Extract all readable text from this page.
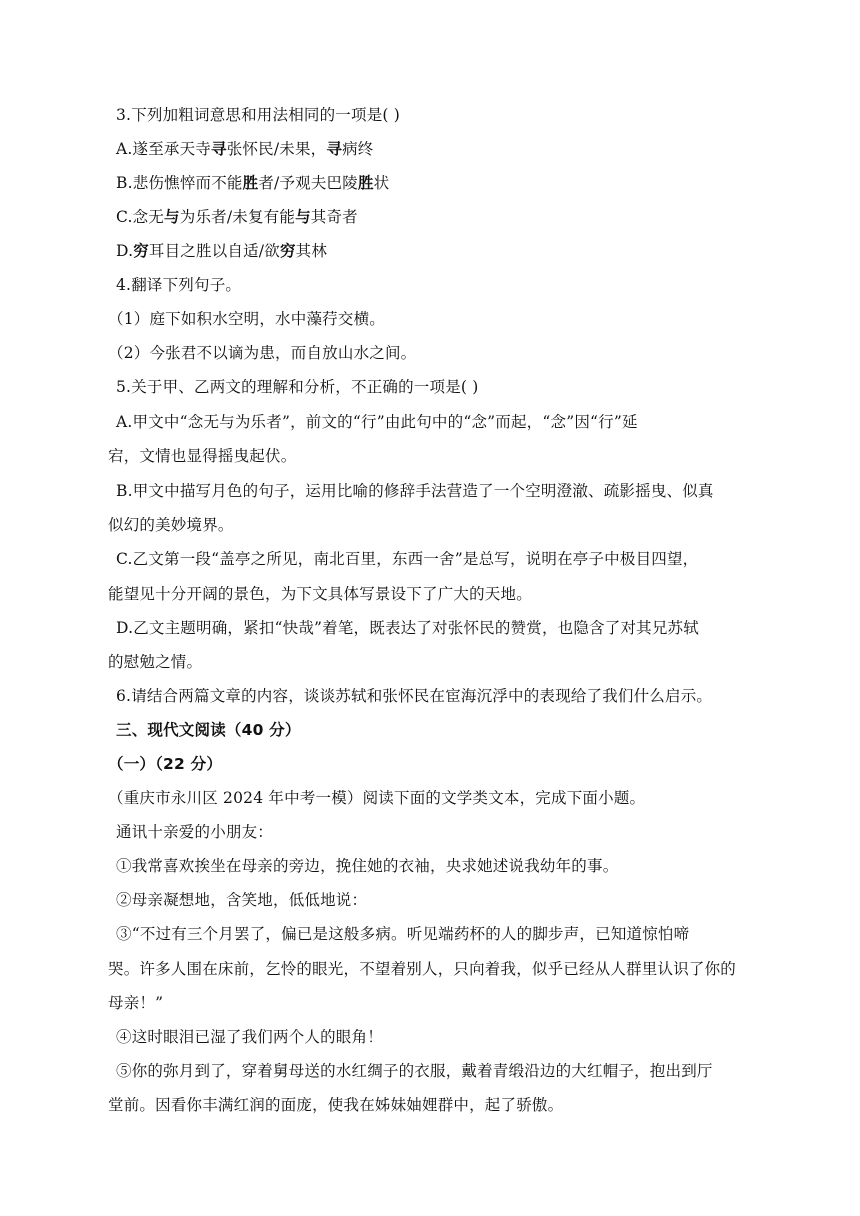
3.下列加粗词意思和用法相同的一项是( )
A.遂至承天寺寻张怀民/未果，寻病终
B.悲伤憔悴而不能胜者/予观夫巴陵胜状
C.念无与为乐者/未复有能与其奇者
D.穷耳目之胜以自适/欲穷其林
4.翻译下列句子。
（1）庭下如积水空明，水中藻荇交横。
（2）今张君不以谪为患，而自放山水之间。
5.关于甲、乙两文的理解和分析，不正确的一项是( )
A.甲文中“念无与为乐者”，前文的“行”由此句中的“念”而起，“念”因“行”延
宕，文情也显得摇曳起伏。
B.甲文中描写月色的句子，运用比喻的修辞手法营造了一个空明澄澈、疏影摇曳、似真
似幻的美妙境界。
C.乙文第一段“盖亭之所见，南北百里，东西一舍”是总写，说明在亭子中极目四望，
能望见十分开阔的景色，为下文具体写景设下了广大的天地。
D.乙文主题明确，紧扣“快哉”着笔，既表达了对张怀民的赞赏，也隐含了对其兄苏轼
的慰勉之情。
6.请结合两篇文章的内容，谈谈苏轼和张怀民在宦海沉浮中的表现给了我们什么启示。
三、现代文阅读（40 分）
（一）（22 分）
（重庆市永川区 2024 年中考一模）阅读下面的文学类文本，完成下面小题。
通讯十亲爱的小朋友：
①我常喜欢挨坐在母亲的旁边，挽住她的衣袖，央求她述说我幼年的事。
②母亲凝想地，含笑地，低低地说：
③“不过有三个月罢了，偏已是这般多病。听见端药杯的人的脚步声，已知道惊怕啼
哭。许多人围在床前，乞怜的眼光，不望着别人，只向着我，似乎已经从人群里认识了你的
母亲！”
④这时眼泪已湿了我们两个人的眼角！
⑤你的弥月到了，穿着舅母送的水红绸子的衣服，戴着青缎沿边的大红帽子，抱出到厅
堂前。因看你丰满红润的面庞，使我在姊妹妯娌群中，起了骄傲。
